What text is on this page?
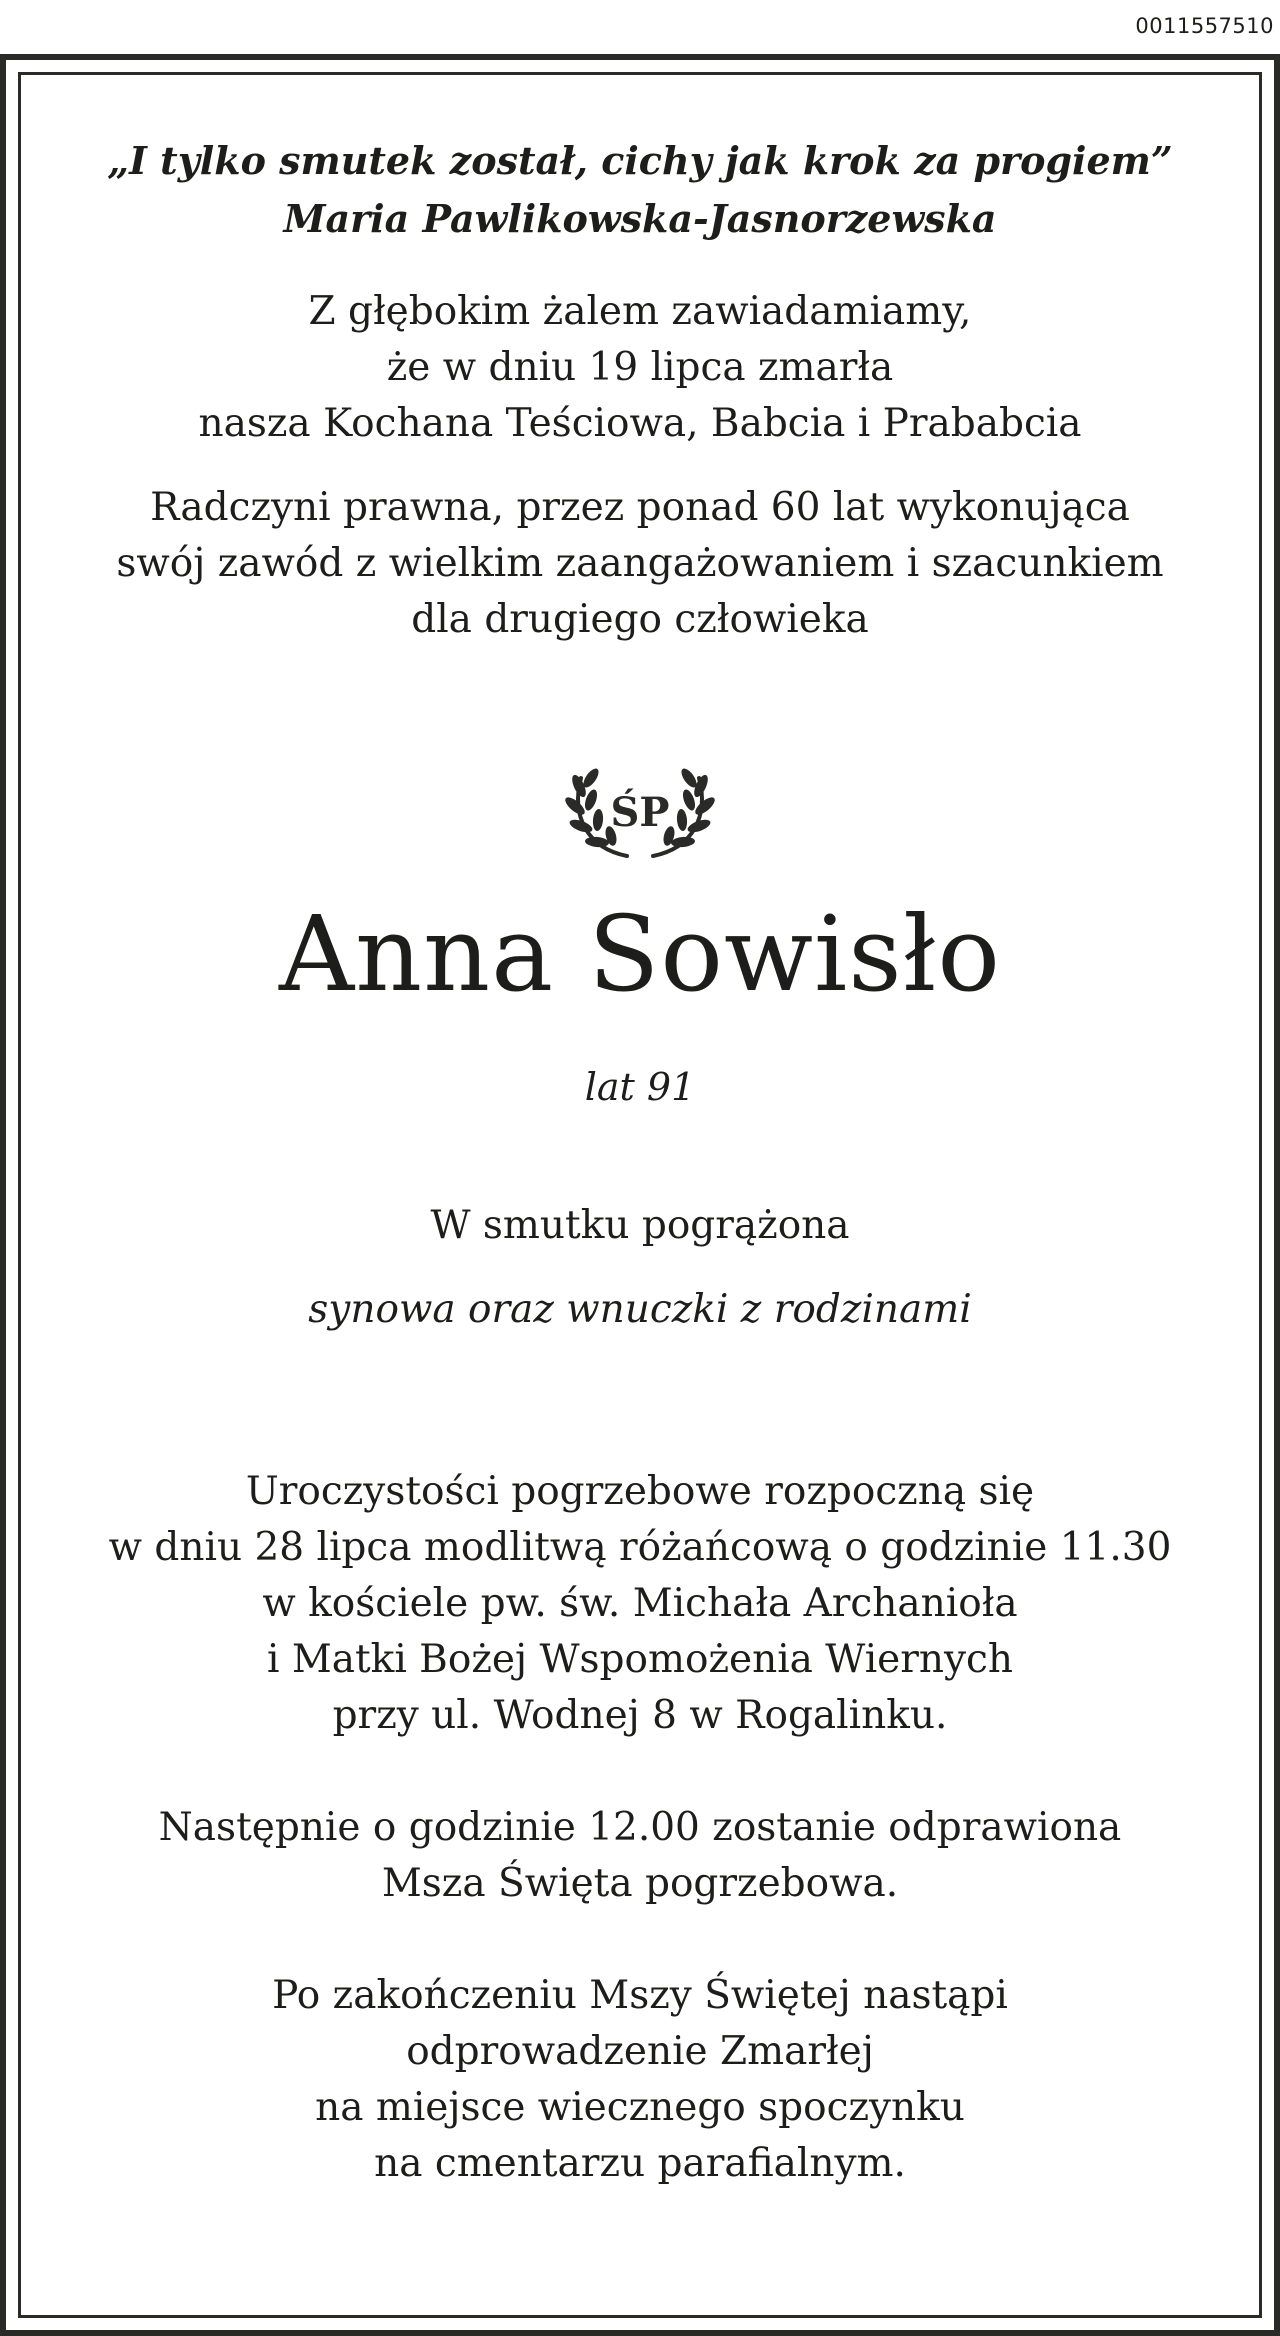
0011557510
„I tylko smutek został, cichy jak krok za progiem”
Maria Pawlikowska-Jasnorzewska
Z głębokim żalem zawiadamiamy,
że w dniu 19 lipca zmarła
nasza Kochana Teściowa, Babcia i Prababcia
Radczyni prawna, przez ponad 60 lat wykonująca
swój zawód z wielkim zaangażowaniem i szacunkiem
dla drugiego człowieka
ŚP
Anna Sowisło
lat 91
W smutku pogrążona
synowa oraz wnuczki z rodzinami
Uroczystości pogrzebowe rozpoczną się
w dniu 28 lipca modlitwą różańcową o godzinie 11.30
w kościele pw. św. Michała Archanioła
i Matki Bożej Wspomożenia Wiernych
przy ul. Wodnej 8 w Rogalinku.
Następnie o godzinie 12.00 zostanie odprawiona
Msza Święta pogrzebowa.
Po zakończeniu Mszy Świętej nastąpi
odprowadzenie Zmarłej
na miejsce wiecznego spoczynku
na cmentarzu parafialnym.
